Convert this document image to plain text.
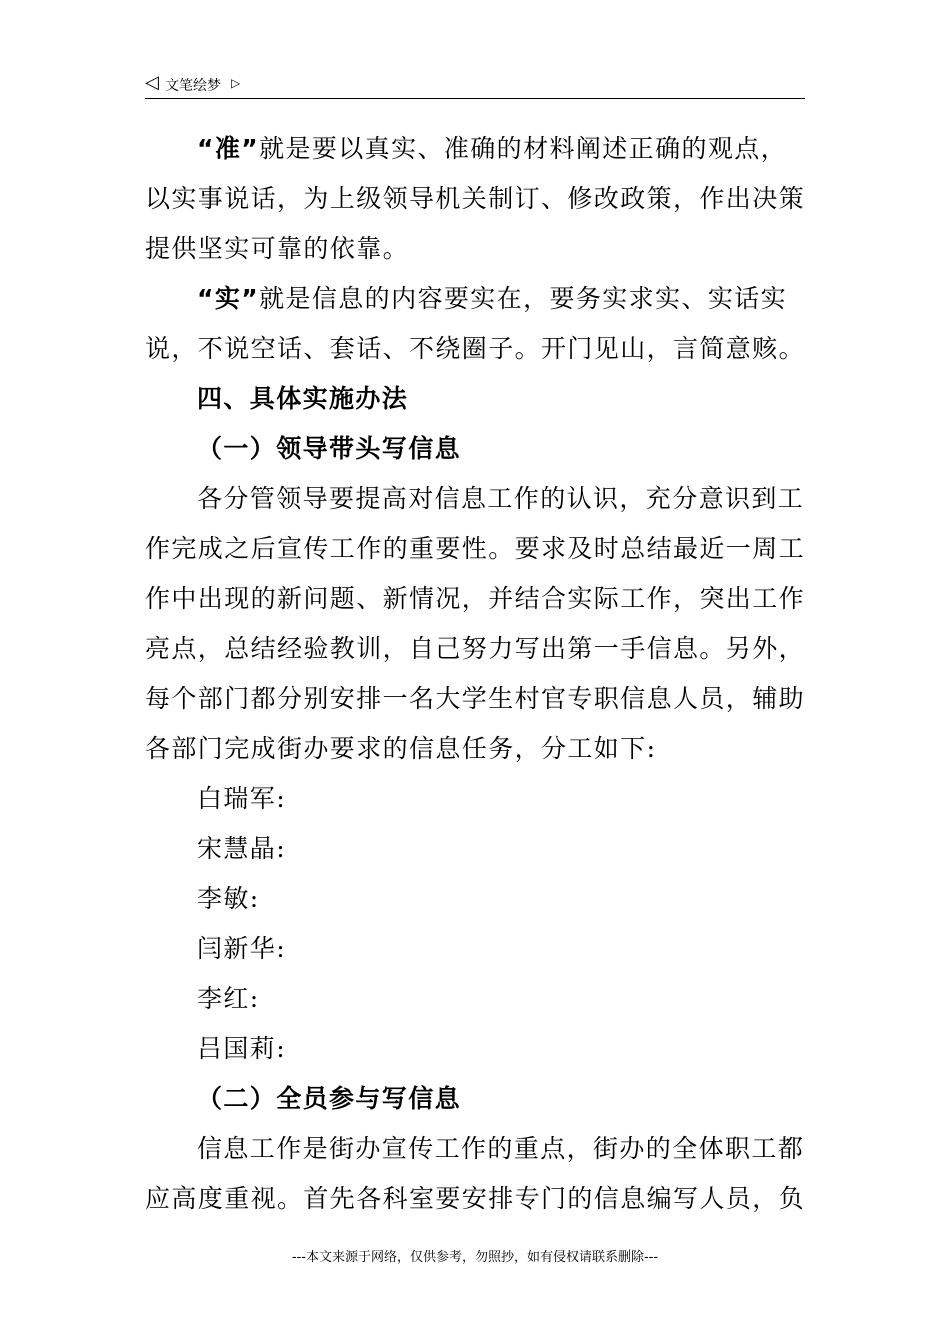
◁ 文笔绘梦 ▷
“准”就是要以真实、准确的材料阐述正确的观点，
以实事说话，为上级领导机关制订、修改政策，作出决策
提供坚实可靠的依靠。
“实”就是信息的内容要实在，要务实求实、实话实
说，不说空话、套话、不绕圈子。开门见山，言简意赅。
四、具体实施办法
（一）领导带头写信息
各分管领导要提高对信息工作的认识，充分意识到工
作完成之后宣传工作的重要性。要求及时总结最近一周工
作中出现的新问题、新情况，并结合实际工作，突出工作
亮点，总结经验教训，自己努力写出第一手信息。另外，
每个部门都分别安排一名大学生村官专职信息人员，辅助
各部门完成街办要求的信息任务，分工如下:
白瑞军:
宋慧晶:
李敏:
闫新华:
李红:
吕国莉:
（二）全员参与写信息
信息工作是街办宣传工作的重点，街办的全体职工都
应高度重视。首先各科室要安排专门的信息编写人员，负
---本文来源于网络，仅供参考，勿照抄，如有侵权请联系删除---
